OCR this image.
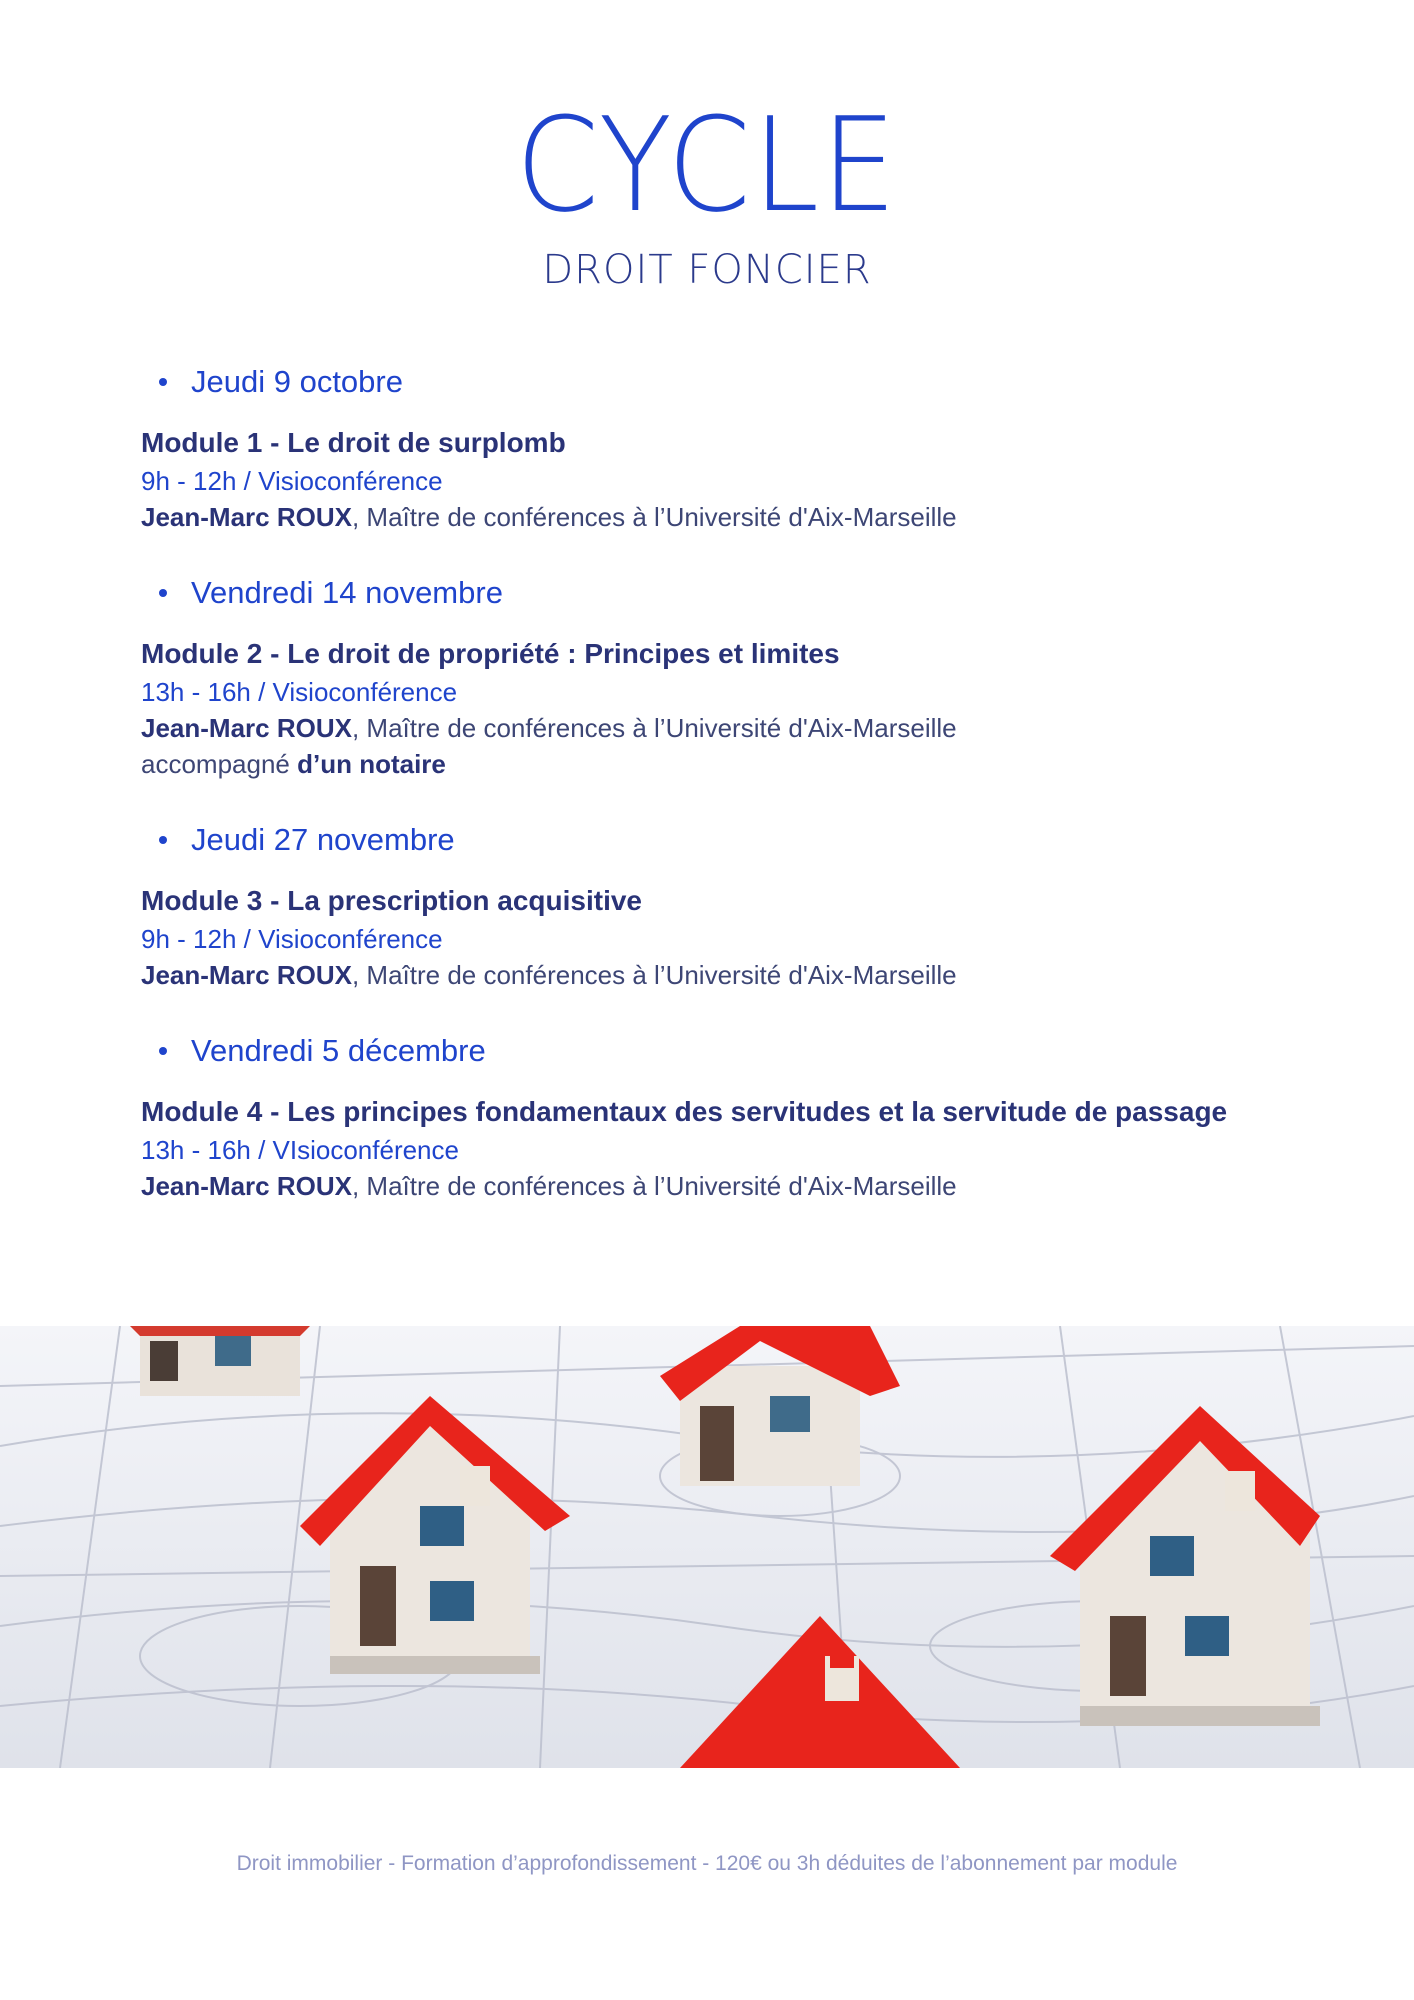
CYCLE
DROIT FONCIER
Jeudi 9 octobre

Module 1 - Le droit de surplomb

9h - 12h / Visioconférence
Jean-Marc ROUX, Maître de conférences à l’Université d'Aix-Marseille
Vendredi 14 novembre

Module 2 - Le droit de propriété : Principes et limites

13h - 16h / Visioconférence
Jean-Marc ROUX, Maître de conférences à l’Université d'Aix-Marseille
accompagné d’un notaire
Jeudi 27 novembre

Module 3 - La prescription acquisitive

9h - 12h / Visioconférence
Jean-Marc ROUX, Maître de conférences à l’Université d'Aix-Marseille
Vendredi 5 décembre

Module 4 - Les principes fondamentaux des servitudes et la servitude de passage

13h - 16h / VIsioconférence
Jean-Marc ROUX, Maître de conférences à l’Université d'Aix-Marseille
Droit immobilier - Formation d’approfondissement - 120€ ou 3h déduites de l’abonnement par module
